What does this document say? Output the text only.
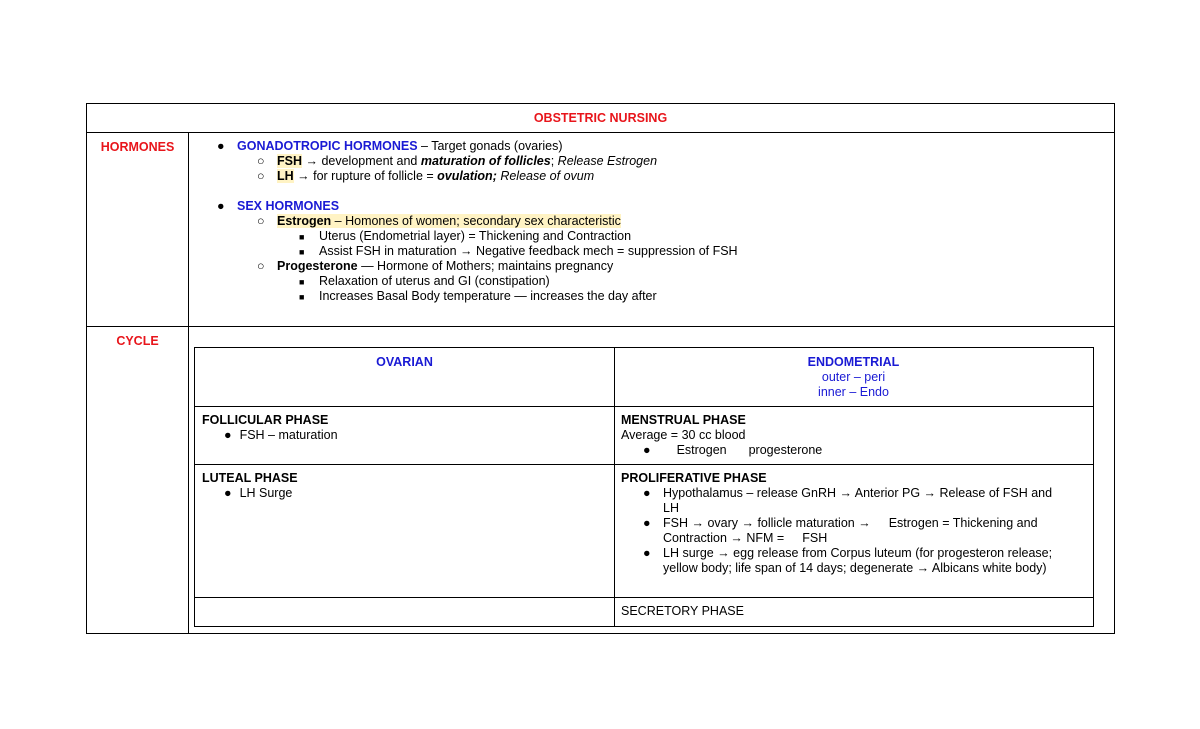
OBSTETRIC NURSING
HORMONES	● GONADOTROPIC HORMONES – Target gonads (ovaries)
○ FSH → development and maturation of follicles; Release Estrogen
○ LH → for rupture of follicle = ovulation; Release of ovum
● SEX HORMONES
○ Estrogen – Homones of women; secondary sex characteristic
■ Uterus (Endometrial layer) = Thickening and Contraction
■ Assist FSH in maturation → Negative feedback mech = suppression of FSH
○ Progesterone — Hormone of Mothers; maintains pregnancy
■ Relaxation of uterus and GI (constipation)
■ Increases Basal Body temperature — increases the day after
CYCLE
OVARIAN	ENDOMETRIAL
outer – peri
inner – Endo
FOLLICULAR PHASE
● FSH – maturation
MENSTRUAL PHASE
Average = 30 cc blood
● Estrogen progesterone
LUTEAL PHASE
● LH Surge
PROLIFERATIVE PHASE
● Hypothalamus – release GnRH → Anterior PG → Release of FSH and
LH
● FSH → ovary → follicle maturation → Estrogen = Thickening and
Contraction → NFM = FSH
● LH surge → egg release from Corpus luteum (for progesteron release;
yellow body; life span of 14 days; degenerate → Albicans white body)
SECRETORY PHASE
